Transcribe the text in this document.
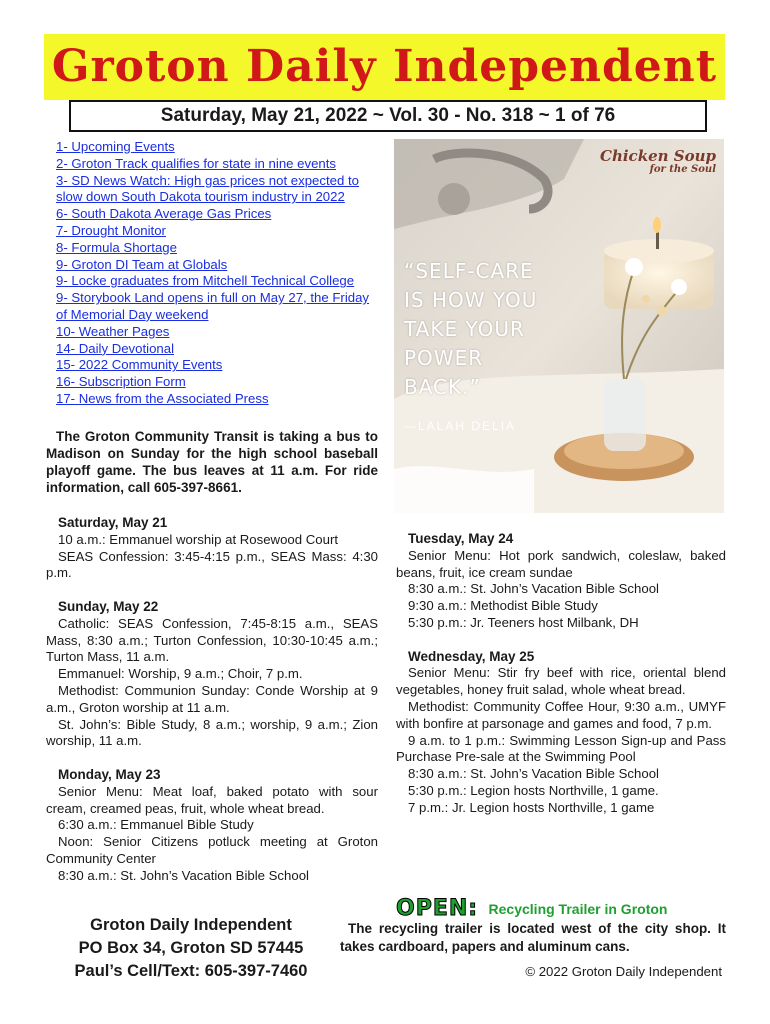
Groton Daily Independent
Saturday, May 21, 2022 ~ Vol. 30 - No. 318 ~ 1 of 76
1- Upcoming Events
2- Groton Track qualifies for state in nine events
3- SD News Watch: High gas prices not expected to slow down South Dakota tourism industry in 2022
6- South Dakota Average Gas Prices
7- Drought Monitor
8- Formula Shortage
9- Groton DI Team at Globals
9- Locke graduates from Mitchell Technical College
9- Storybook Land opens in full on May 27, the Friday of Memorial Day weekend
10- Weather Pages
14- Daily Devotional
15- 2022 Community Events
16- Subscription Form
17- News from the Associated Press
Chicken Soup
for the Soul
“SELF-CARE
IS HOW YOU
TAKE YOUR
POWER
BACK.”
—LALAH DELIA
The Groton Community Transit is taking a bus to Madison on Sunday for the high school baseball playoff game. The bus leaves at 11 a.m. For ride information, call 605-397-8661.
Saturday, May 21

10 a.m.: Emmanuel worship at Rosewood Court

SEAS Confession: 3:45-4:15 p.m., SEAS Mass: 4:30 p.m.

Sunday, May 22

Catholic: SEAS Confession, 7:45-8:15 a.m., SEAS Mass, 8:30 a.m.; Turton Confession, 10:30-10:45 a.m.; Turton Mass, 11 a.m.

Emmanuel: Worship, 9 a.m.; Choir, 7 p.m.

Methodist: Communion Sunday: Conde Worship at 9 a.m., Groton worship at 11 a.m.

St. John’s: Bible Study, 8 a.m.; worship, 9 a.m.; Zion worship, 11 a.m.

Monday, May 23

Senior Menu: Meat loaf, baked potato with sour cream, creamed peas, fruit, whole wheat bread.

6:30 a.m.: Emmanuel Bible Study

Noon: Senior Citizens potluck meeting at Groton Community Center

8:30 a.m.: St. John’s Vacation Bible School

Tuesday, May 24

Senior Menu: Hot pork sandwich, coleslaw, baked beans, fruit, ice cream sundae

8:30 a.m.: St. John’s Vacation Bible School

9:30 a.m.: Methodist Bible Study

5:30 p.m.: Jr. Teeners host Milbank, DH

Wednesday, May 25

Senior Menu: Stir fry beef with rice, oriental blend vegetables, honey fruit salad, whole wheat bread.

Methodist: Community Coffee Hour, 9:30 a.m., UMYF with bonfire at parsonage and games and food, 7 p.m.

9 a.m. to 1 p.m.: Swimming Lesson Sign-up and Pass Purchase Pre-sale at the Swimming Pool

8:30 a.m.: St. John’s Vacation Bible School

5:30 p.m.: Legion hosts Northville, 1 game.

7 p.m.: Jr. Legion hosts Northville, 1 game

Groton Daily Independent
PO Box 34, Groton SD 57445
Paul’s Cell/Text: 605-397-7460
OPEN: Recycling Trailer in Groton
The recycling trailer is located west of the city shop. It takes cardboard, papers and aluminum cans.
© 2022 Groton Daily Independent
